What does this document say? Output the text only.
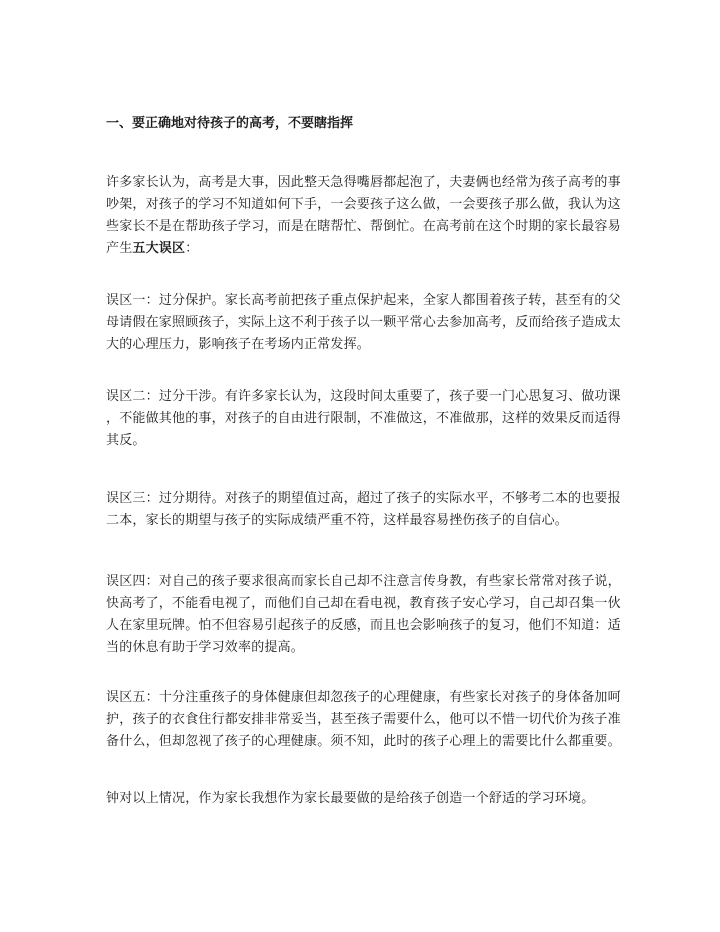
一、要正确地对待孩子的高考，不要瞎指挥

许多家长认为，高考是大事，因此整天急得嘴唇都起泡了，夫妻俩也经常为孩子高考的事
吵架，对孩子的学习不知道如何下手，一会要孩子这么做，一会要孩子那么做，我认为这
些家长不是在帮助孩子学习，而是在瞎帮忙、帮倒忙。在高考前在这个时期的家长最容易
产生五大误区：

误区一：过分保护。家长高考前把孩子重点保护起来，全家人都围着孩子转，甚至有的父
母请假在家照顾孩子，实际上这不利于孩子以一颗平常心去参加高考，反而给孩子造成太
大的心理压力，影响孩子在考场内正常发挥。

误区二：过分干涉。有许多家长认为，这段时间太重要了，孩子要一门心思复习、做功课
，不能做其他的事，对孩子的自由进行限制，不准做这，不准做那，这样的效果反而适得
其反。

误区三：过分期待。对孩子的期望值过高，超过了孩子的实际水平，不够考二本的也要报
二本，家长的期望与孩子的实际成绩严重不符，这样最容易挫伤孩子的自信心。

误区四：对自己的孩子要求很高而家长自己却不注意言传身教，有些家长常常对孩子说，
快高考了，不能看电视了，而他们自己却在看电视，教育孩子安心学习，自己却召集一伙
人在家里玩牌。怕不但容易引起孩子的反感，而且也会影响孩子的复习，他们不知道：适
当的休息有助于学习效率的提高。

误区五：十分注重孩子的身体健康但却忽孩子的心理健康，有些家长对孩子的身体备加呵
护，孩子的衣食住行都安排非常妥当，甚至孩子需要什么，他可以不惜一切代价为孩子准
备什么，但却忽视了孩子的心理健康。须不知，此时的孩子心理上的需要比什么都重要。

钟对以上情况，作为家长我想作为家长最要做的是给孩子创造一个舒适的学习环境。
